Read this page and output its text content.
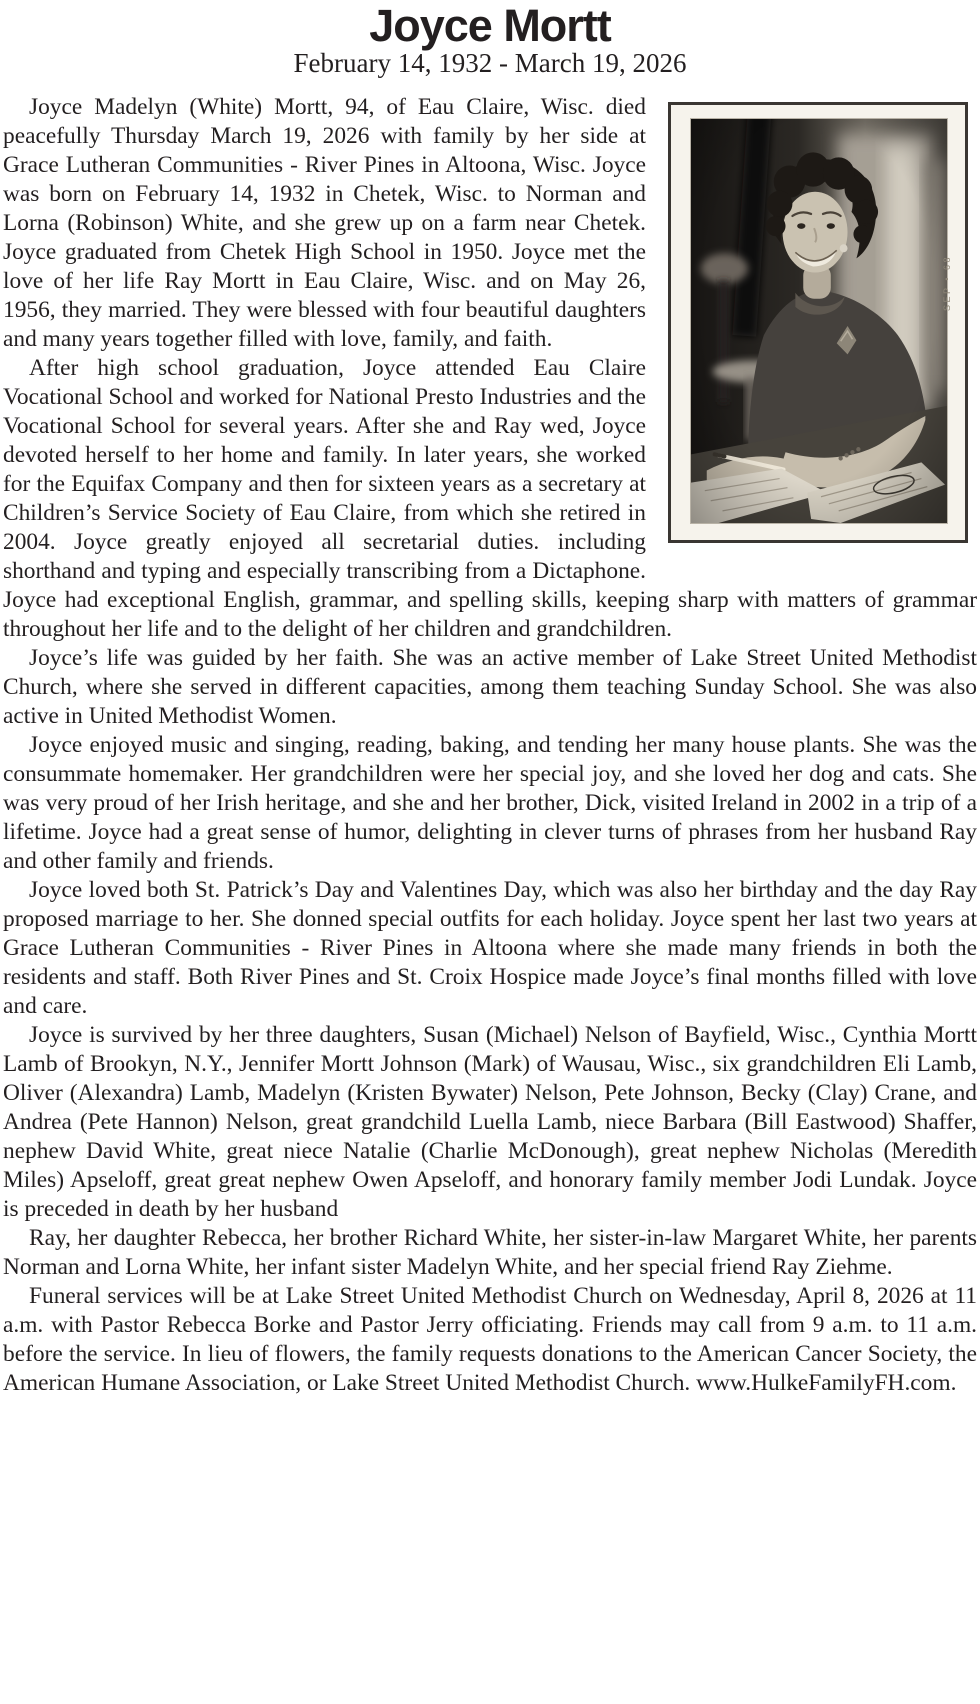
Joyce Mortt
February 14, 1932 - March 19, 2026
SEP • 68

Joyce Madelyn (White) Mortt, 94, of Eau Claire, Wisc. died peacefully Thursday March 19, 2026 with family by her side at Grace Lutheran Communities - River Pines in Altoona, Wisc. Joyce was born on February 14, 1932 in Chetek, Wisc. to Norman and Lorna (Robinson) White, and she grew up on a farm near Chetek. Joyce graduated from Chetek High School in 1950. Joyce met the love of her life Ray Mortt in Eau Claire, Wisc. and on May 26, 1956, they married. They were blessed with four beautiful daughters and many years together filled with love, family, and faith.

After high school graduation, Joyce attended Eau Claire Vocational School and worked for National Presto Industries and the Vocational School for several years. After she and Ray wed, Joyce devoted herself to her home and family. In later years, she worked for the Equifax Company and then for sixteen years as a secretary at Children’s Service Society of Eau Claire, from which she retired in 2004. Joyce greatly enjoyed all secretarial duties. including shorthand and typing and especially transcribing from a Dictaphone. Joyce had exceptional English, grammar, and spelling skills, keeping sharp with matters of grammar throughout her life and to the delight of her children and grandchildren.

Joyce’s life was guided by her faith. She was an active member of Lake Street United Methodist Church, where she served in different capacities, among them teaching Sunday School. She was also active in United Methodist Women.

Joyce enjoyed music and singing, reading, baking, and tending her many house plants. She was the consummate homemaker. Her grandchildren were her special joy, and she loved her dog and cats. She was very proud of her Irish heritage, and she and her brother, Dick, visited Ireland in 2002 in a trip of a lifetime. Joyce had a great sense of humor, delighting in clever turns of phrases from her husband Ray and other family and friends.

Joyce loved both St. Patrick’s Day and Valentines Day, which was also her birthday and the day Ray proposed marriage to her. She donned special outfits for each holiday. Joyce spent her last two years at Grace Lutheran Communities - River Pines in Altoona where she made many friends in both the residents and staff. Both River Pines and St. Croix Hospice made Joyce’s final months filled with love and care.

Joyce is survived by her three daughters, Susan (Michael) Nelson of Bayfield, Wisc., Cynthia Mortt Lamb of Brookyn, N.Y., Jennifer Mortt Johnson (Mark) of Wausau, Wisc., six grandchildren Eli Lamb, Oliver (Alexandra) Lamb, Madelyn (Kristen Bywater) Nelson, Pete Johnson, Becky (Clay) Crane, and Andrea (Pete Hannon) Nelson, great grandchild Luella Lamb, niece Barbara (Bill Eastwood) Shaffer, nephew David White, great niece Natalie (Charlie McDonough), great nephew Nicholas (Meredith Miles) Apseloff, great great nephew Owen Apseloff, and honorary family member Jodi Lundak. Joyce is preceded in death by her husband

Ray, her daughter Rebecca, her brother Richard White, her sister-in-law Margaret White, her parents Norman and Lorna White, her infant sister Madelyn White, and her special friend Ray Ziehme.

Funeral services will be at Lake Street United Methodist Church on Wednesday, April 8, 2026 at 11 a.m. with Pastor Rebecca Borke and Pastor Jerry officiating. Friends may call from 9 a.m. to 11 a.m. before the service. In lieu of flowers, the family requests donations to the American Cancer Society, the American Humane Association, or Lake Street United Methodist Church. www.HulkeFamilyFH.com.
